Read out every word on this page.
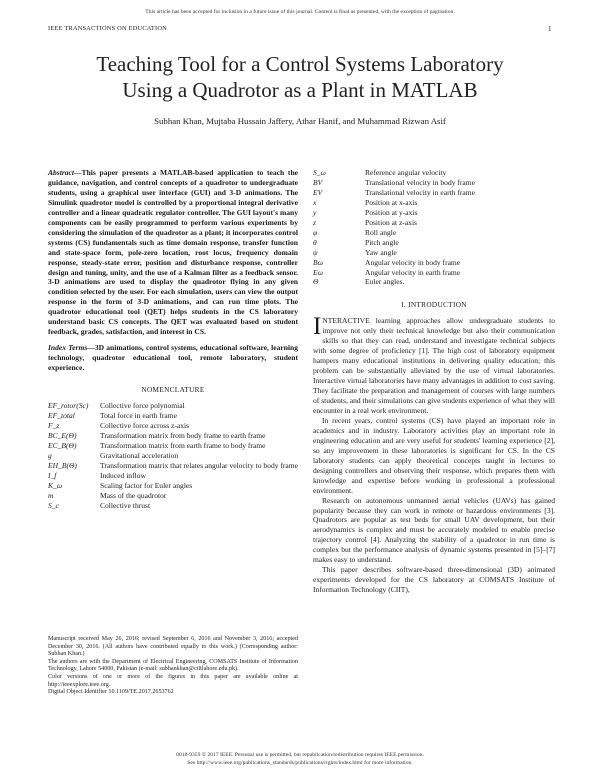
This article has been accepted for inclusion in a future issue of this journal. Content is final as presented, with the exception of pagination.
IEEE TRANSACTIONS ON EDUCATION	1
Teaching Tool for a Control Systems Laboratory
Using a Quadrotor as a Plant in MATLAB
Subhan Khan, Mujtaba Hussain Jaffery, Athar Hanif, and Muhammad Rizwan Asif
Abstract—This paper presents a MATLAB-based application to teach the guidance, navigation, and control concepts of a quadrotor to undergraduate students, using a graphical user interface (GUI) and 3-D animations. The Simulink quadrotor model is controlled by a proportional integral derivative controller and a linear quadratic regulator controller. The GUI layout's many components can be easily programmed to perform various experiments by considering the simulation of the quadrotor as a plant; it incorporates control systems (CS) fundamentals such as time domain response, transfer function and state-space form, pole-zero location, root locus, frequency domain response, steady-state error, position and disturbance response, controller design and tuning, unity, and the use of a Kalman filter as a feedback sensor. 3-D animations are used to display the quadrotor flying in any given condition selected by the user. For each simulation, users can view the output response in the form of 3-D animations, and can run time plots. The quadrotor educational tool (QET) helps students in the CS laboratory understand basic CS concepts. The QET was evaluated based on student feedback, grades, satisfaction, and interest in CS.
Index Terms—3D animations, control systems, educational software, learning technology, quadrotor educational tool, remote laboratory, student experience.
NOMENCLATURE
EF_rotor(Sc)	Collective force polynomial
EF_total	Total force in earth frame
F_z	Collective force across z-axis
BC_E(Θ)	Transformation matrix from body frame to earth frame
EC_B(Θ)	Transformation matrix from earth frame to body frame
g	Gravitational acceleration
EH_B(Θ)	Transformation matrix that relates angular velocity to body frame
I_f	Induced inflow
K_ω	Scaling factor for Euler angles
m	Mass of the quadrotor
S_c	Collective thrust
Manuscript received May 26, 2016; revised September 6, 2016 and November 3, 2016; accepted December 30, 2016. (All authors have contributed equally to this work.) (Corresponding author: Subhan Khan.)
The authors are with the Department of Electrical Engineering, COMSATS Institute of Information Technology, Lahore 54000, Pakistan (e-mail: subhankhan@ciitlahore.edu.pk).
Color versions of one or more of the figures in this paper are available online at http://ieeexplore.ieee.org.
Digital Object Identifier 10.1109/TE.2017.2653762
S_ω	Reference angular velocity
BV	Translational velocity in body frame
EV	Translational velocity in earth frame
x	Position at x-axis
y	Position at y-axis
z	Position at z-axis
φ	Roll angle
θ	Pitch angle
ψ	Yaw angle
Bω	Angular velocity in body frame
Eω	Angular velocity in earth frame
Θ	Euler angles.
I. INTRODUCTION

INTERACTIVE learning approaches allow undergraduate students to improve not only their technical knowledge but also their communication skills so that they can read, understand and investigate technical subjects with some degree of proficiency [1]. The high cost of laboratory equipment hampers many educational institutions in delivering quality education; this problem can be substantially alleviated by the use of virtual laboratories. Interactive virtual laboratories have many advantages in addition to cost saving. They facilitate the preparation and management of courses with large numbers of students, and their simulations can give students experience of what they will encounter in a real work environment.

In recent years, control systems (CS) have played an important role in academics and in industry. Laboratory activities play an important role in engineering education and are very useful for students' learning experience [2], so any improvement in these laboratories is significant for CS. In the CS laboratory students can apply theoretical concepts taught in lectures to designing controllers and observing their response, which prepares them with knowledge and expertise before working in professional a professional environment.

Research on autonomous unmanned aerial vehicles (UAVs) has gained popularity because they can work in remote or hazardous environments [3]. Quadrotors are popular as test beds for small UAV development, but their aerodynamics is complex and must be accurately modeled to enable precise trajectory control [4]. Analyzing the stability of a quadrotor in run time is complex but the performance analysis of dynamic systems presented in [5]–[7] makes easy to understand.

This paper describes software-based three-dimensional (3D) animated experiments developed for the CS laboratory at COMSATS Institute of Information Technology (CIIT),

0018-9359 © 2017 IEEE. Personal use is permitted, but republication/redistribution requires IEEE permission.
See http://www.ieee.org/publications_standards/publications/rights/index.html for more information.
